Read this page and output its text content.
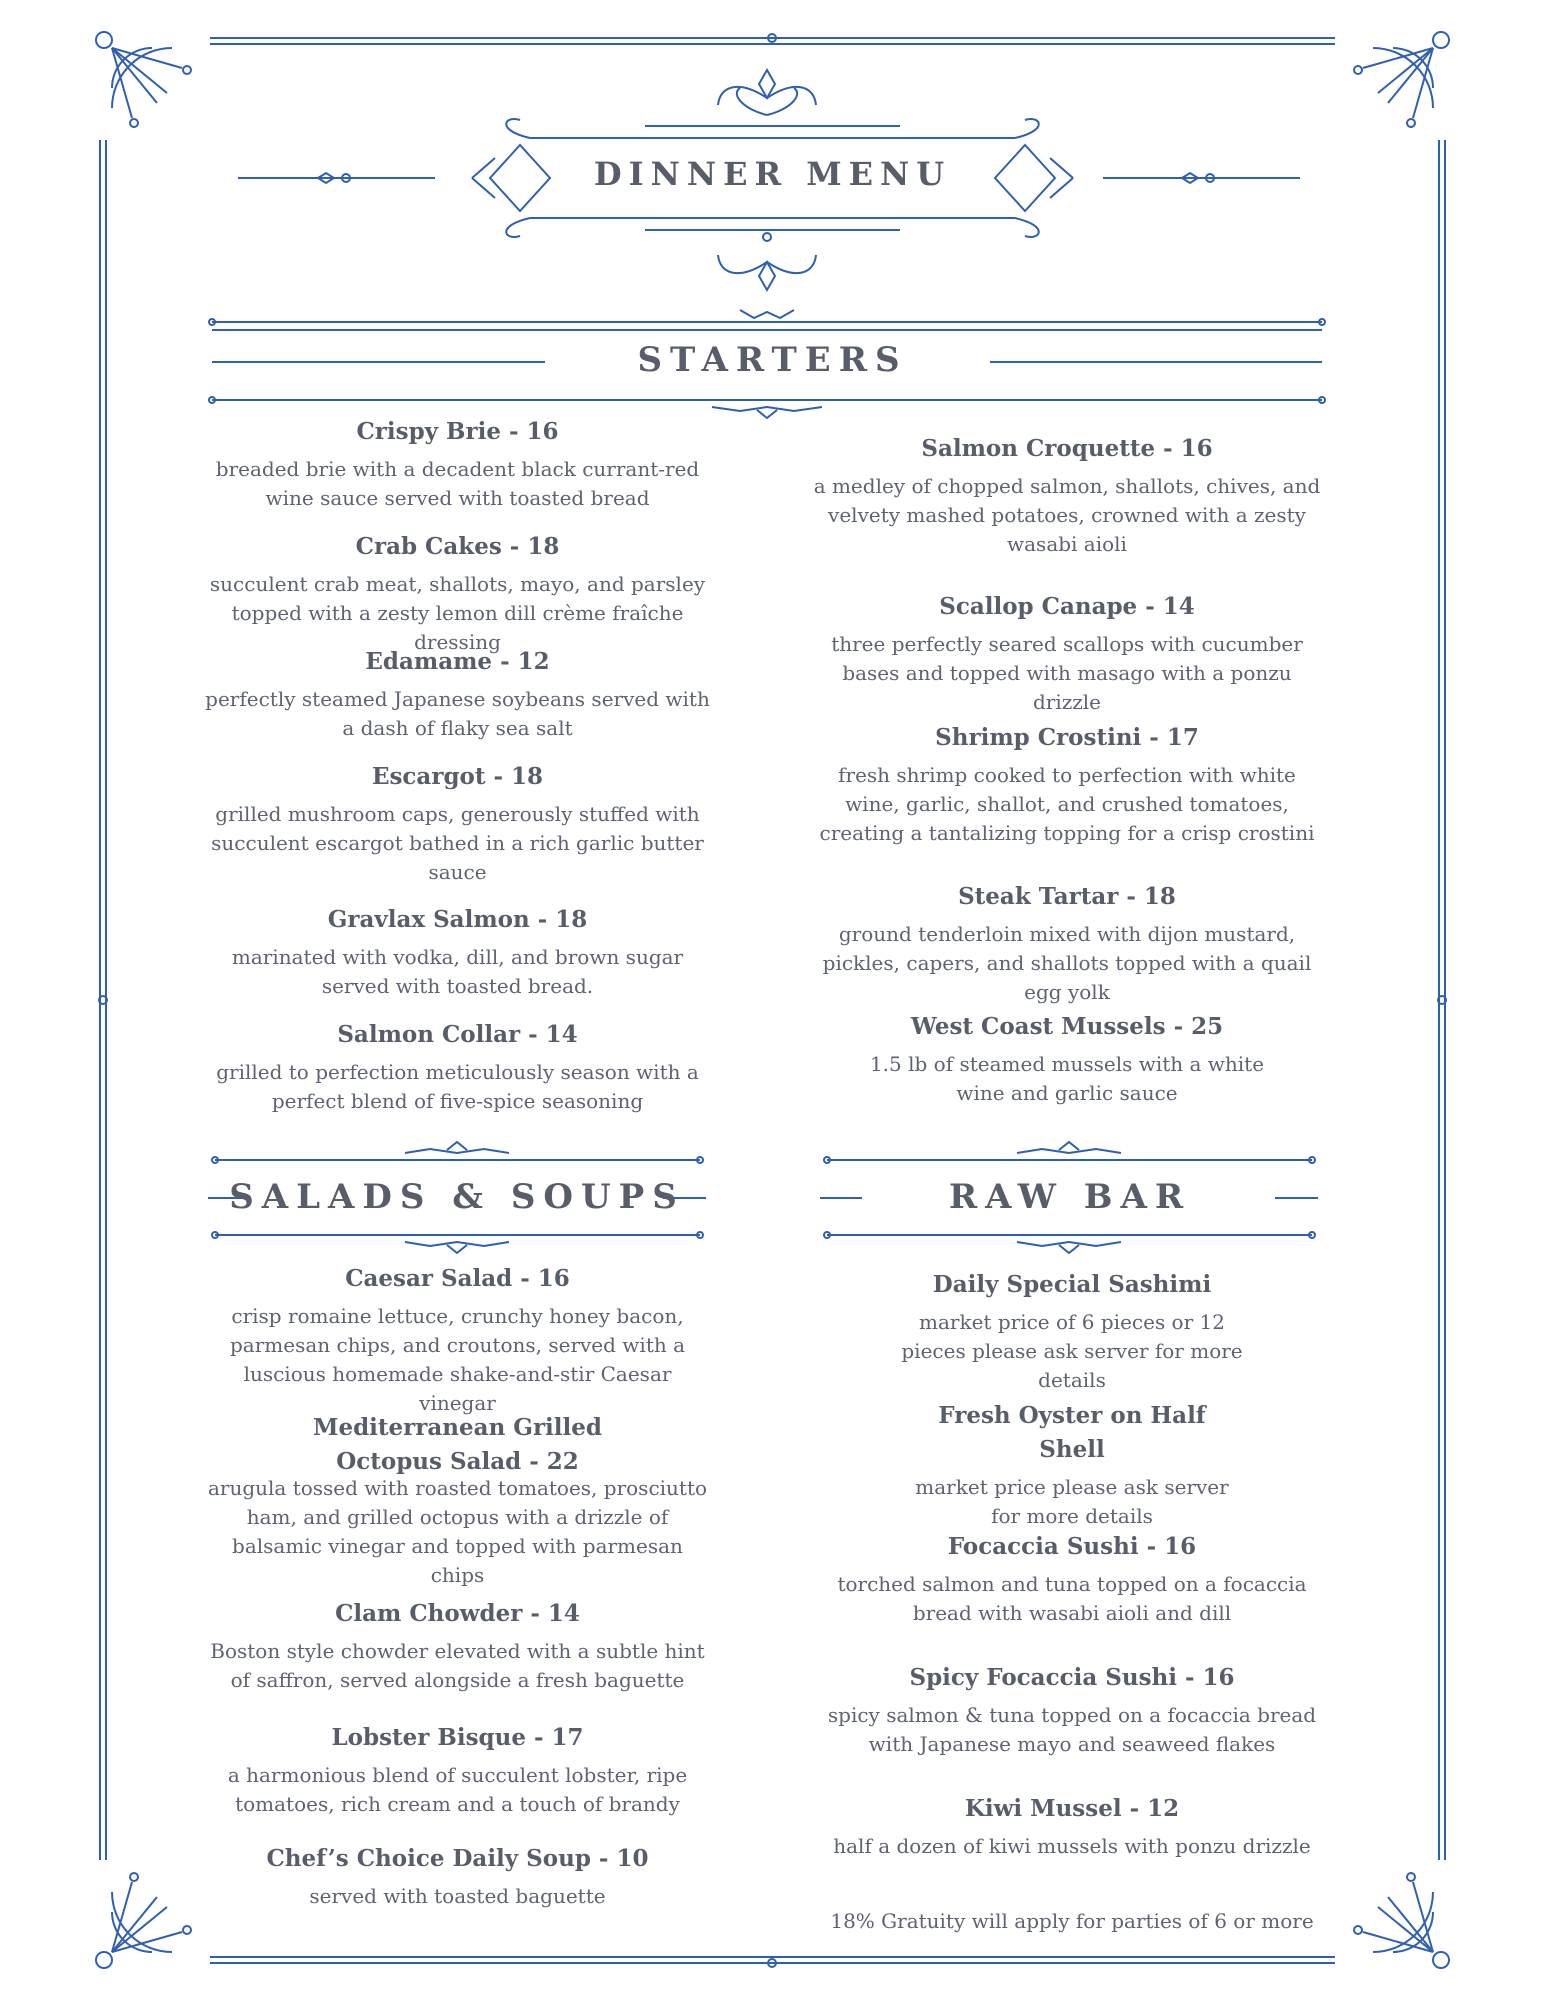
DINNER MENU
STARTERS
SALADS & SOUPS	RAW BAR
Crispy Brie - 16
breaded brie with a decadent black currant-red wine sauce served with toasted bread
Crab Cakes - 18
succulent crab meat, shallots, mayo, and parsley topped with a zesty lemon dill crème fraîche dressing
Edamame - 12
perfectly steamed Japanese soybeans served with a dash of flaky sea salt
Escargot - 18
grilled mushroom caps, generously stuffed with succulent escargot bathed in a rich garlic butter sauce
Gravlax Salmon - 18
marinated with vodka, dill, and brown sugar served with toasted bread.
Salmon Collar - 14
grilled to perfection meticulously season with a perfect blend of five-spice seasoning
Salmon Croquette - 16
a medley of chopped salmon, shallots, chives, and velvety mashed potatoes, crowned with a zesty wasabi aioli
Scallop Canape - 14
three perfectly seared scallops with cucumber bases and topped with masago with a ponzu drizzle
Shrimp Crostini - 17
fresh shrimp cooked to perfection with white wine, garlic, shallot, and crushed tomatoes, creating a tantalizing topping for a crisp crostini
Steak Tartar - 18
ground tenderloin mixed with dijon mustard, pickles, capers, and shallots topped with a quail egg yolk
West Coast Mussels - 25
1.5 lb of steamed mussels with a white wine and garlic sauce
Caesar Salad - 16
crisp romaine lettuce, crunchy honey bacon, parmesan chips, and croutons, served with a luscious homemade shake-and-stir Caesar vinegar
Mediterranean Grilled Octopus Salad - 22
arugula tossed with roasted tomatoes, prosciutto ham, and grilled octopus with a drizzle of balsamic vinegar and topped with parmesan chips
Clam Chowder - 14
Boston style chowder elevated with a subtle hint of saffron, served alongside a fresh baguette
Lobster Bisque - 17
a harmonious blend of succulent lobster, ripe tomatoes, rich cream and a touch of brandy
Chef’s Choice Daily Soup - 10
served with toasted baguette
Daily Special Sashimi
market price of 6 pieces or 12 pieces please ask server for more details
Fresh Oyster on Half Shell
market price please ask server for more details
Focaccia Sushi - 16
torched salmon and tuna topped on a focaccia bread with wasabi aioli and dill
Spicy Focaccia Sushi - 16
spicy salmon & tuna topped on a focaccia bread with Japanese mayo and seaweed flakes
Kiwi Mussel - 12
half a dozen of kiwi mussels with ponzu drizzle
18% Gratuity will apply for parties of 6 or more
